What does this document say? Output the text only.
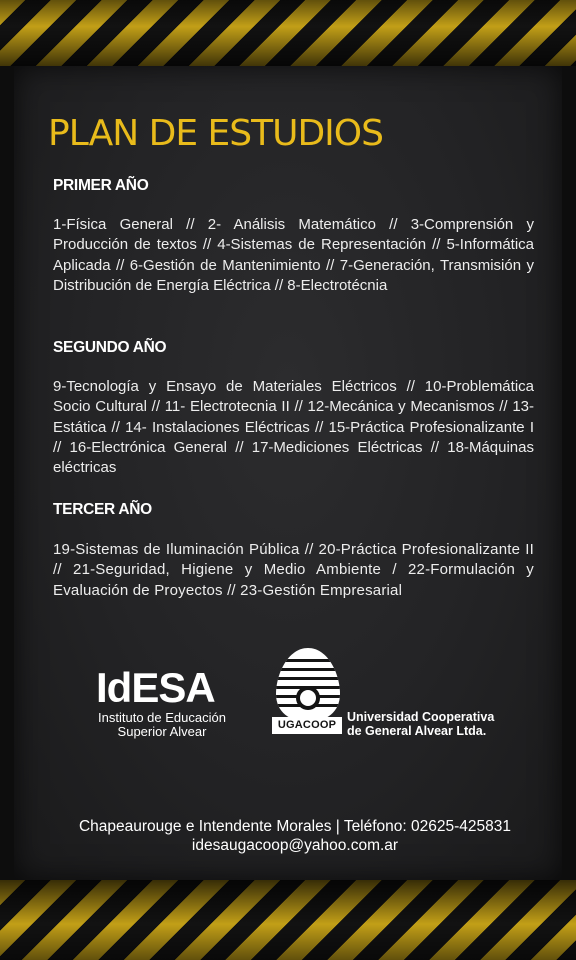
PLAN DE ESTUDIOS
PRIMER AÑO

1-Física General // 2- Análisis Matemático // 3-Comprensión y Producción de textos // 4-Sistemas de Representación // 5-Informática Aplicada // 6-Gestión de Mantenimiento // 7-Generación, Transmisión y Distribución de Energía Eléctrica // 8-Electrotécnia

SEGUNDO AÑO

9-Tecnología y Ensayo de Materiales Eléctricos // 10-Problemática Socio Cultural // 11- Electrotecnia II // 12-Mecánica y Mecanismos // 13-Estática // 14- Instalaciones Eléctricas // 15-Práctica Profesionalizante I // 16-Electrónica General // 17-Mediciones Eléctricas // 18-Máquinas eléctricas

TERCER AÑO

19-Sistemas de Iluminación Pública // 20-Práctica Profesionalizante II // 21-Seguridad, Higiene y Medio Ambiente / 22-Formulación y Evaluación de Proyectos // 23-Gestión Empresarial

IdESA
Instituto de Educación
Superior Alvear	UGACOOP
Universidad Cooperativa
de General Alvear Ltda.
Chapeaurouge e Intendente Morales | Teléfono: 02625-425831
idesaugacoop@yahoo.com.ar
